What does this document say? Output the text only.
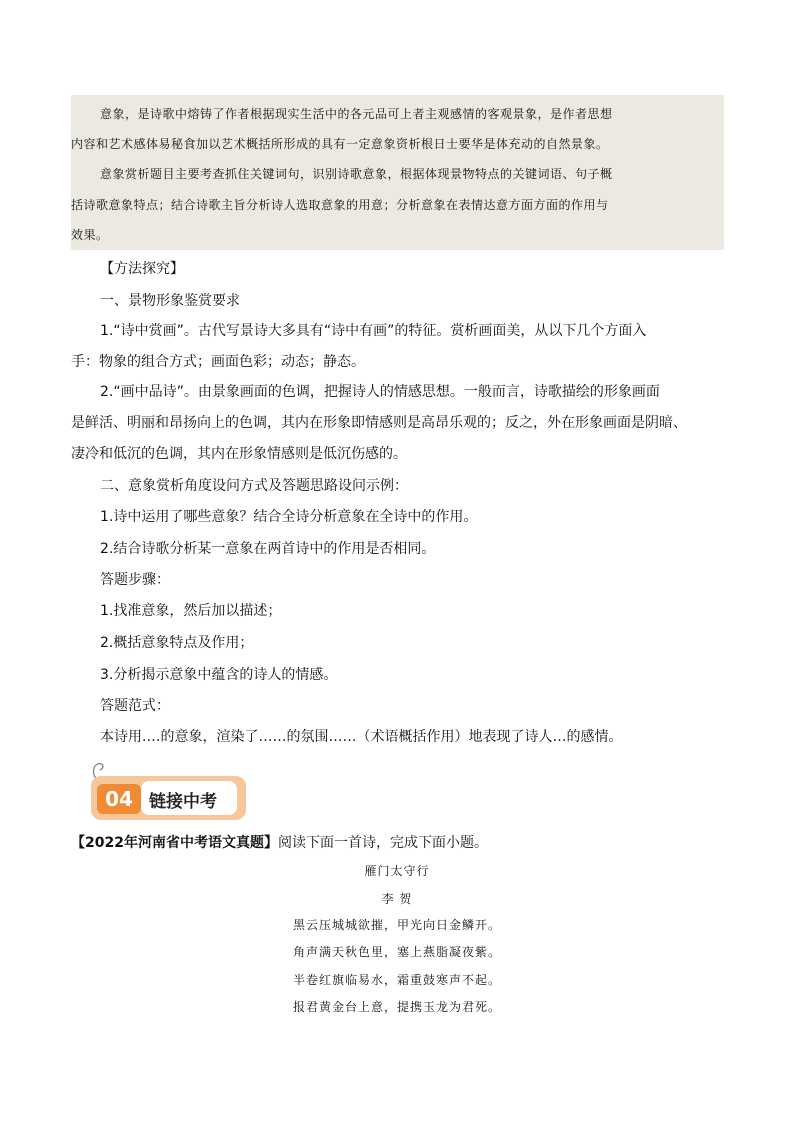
意象，是诗歌中熔铸了作者根据现实生活中的各元品可上者主观感情的客观景象，是作者思想
内容和艺术感体易秘食加以艺术概括所形成的具有一定意象资析根日士要华是体充动的自然景象。
意象赏析题目主要考查抓住关键词句，识别诗歌意象，根据体现景物特点的关键词语、句子概
括诗歌意象特点；结合诗歌主旨分析诗人选取意象的用意；分析意象在表情达意方面方面的作用与
效果。
【方法探究】
一、景物形象鉴赏要求
1.“诗中赏画”。古代写景诗大多具有“诗中有画”的特征。赏析画面美，从以下几个方面入
手：物象的组合方式；画面色彩；动态；静态。
2.“画中品诗”。由景象画面的色调，把握诗人的情感思想。一般而言，诗歌描绘的形象画面
是鲜活、明丽和昂扬向上的色调，其内在形象即情感则是高昂乐观的；反之，外在形象画面是阴暗、
凄冷和低沉的色调，其内在形象情感则是低沉伤感的。
二、意象赏析角度设问方式及答题思路设问示例：
1.诗中运用了哪些意象？结合全诗分析意象在全诗中的作用。
2.结合诗歌分析某一意象在两首诗中的作用是否相同。
答题步骤：
1.找准意象，然后加以描述；
2.概括意象特点及作用；
3.分析揭示意象中蕴含的诗人的情感。
答题范式：
本诗用.…的意象，渲染了……的氛围……（术语概括作用）地表现了诗人…的感情。
04 链接中考
【2022年河南省中考语文真题】阅读下面一首诗，完成下面小题。
雁门太守行
李 贺
黑云压城城欲摧，甲光向日金鳞开。
角声满天秋色里，塞上燕脂凝夜紫。
半卷红旗临易水，霜重鼓寒声不起。
报君黄金台上意，提携玉龙为君死。
